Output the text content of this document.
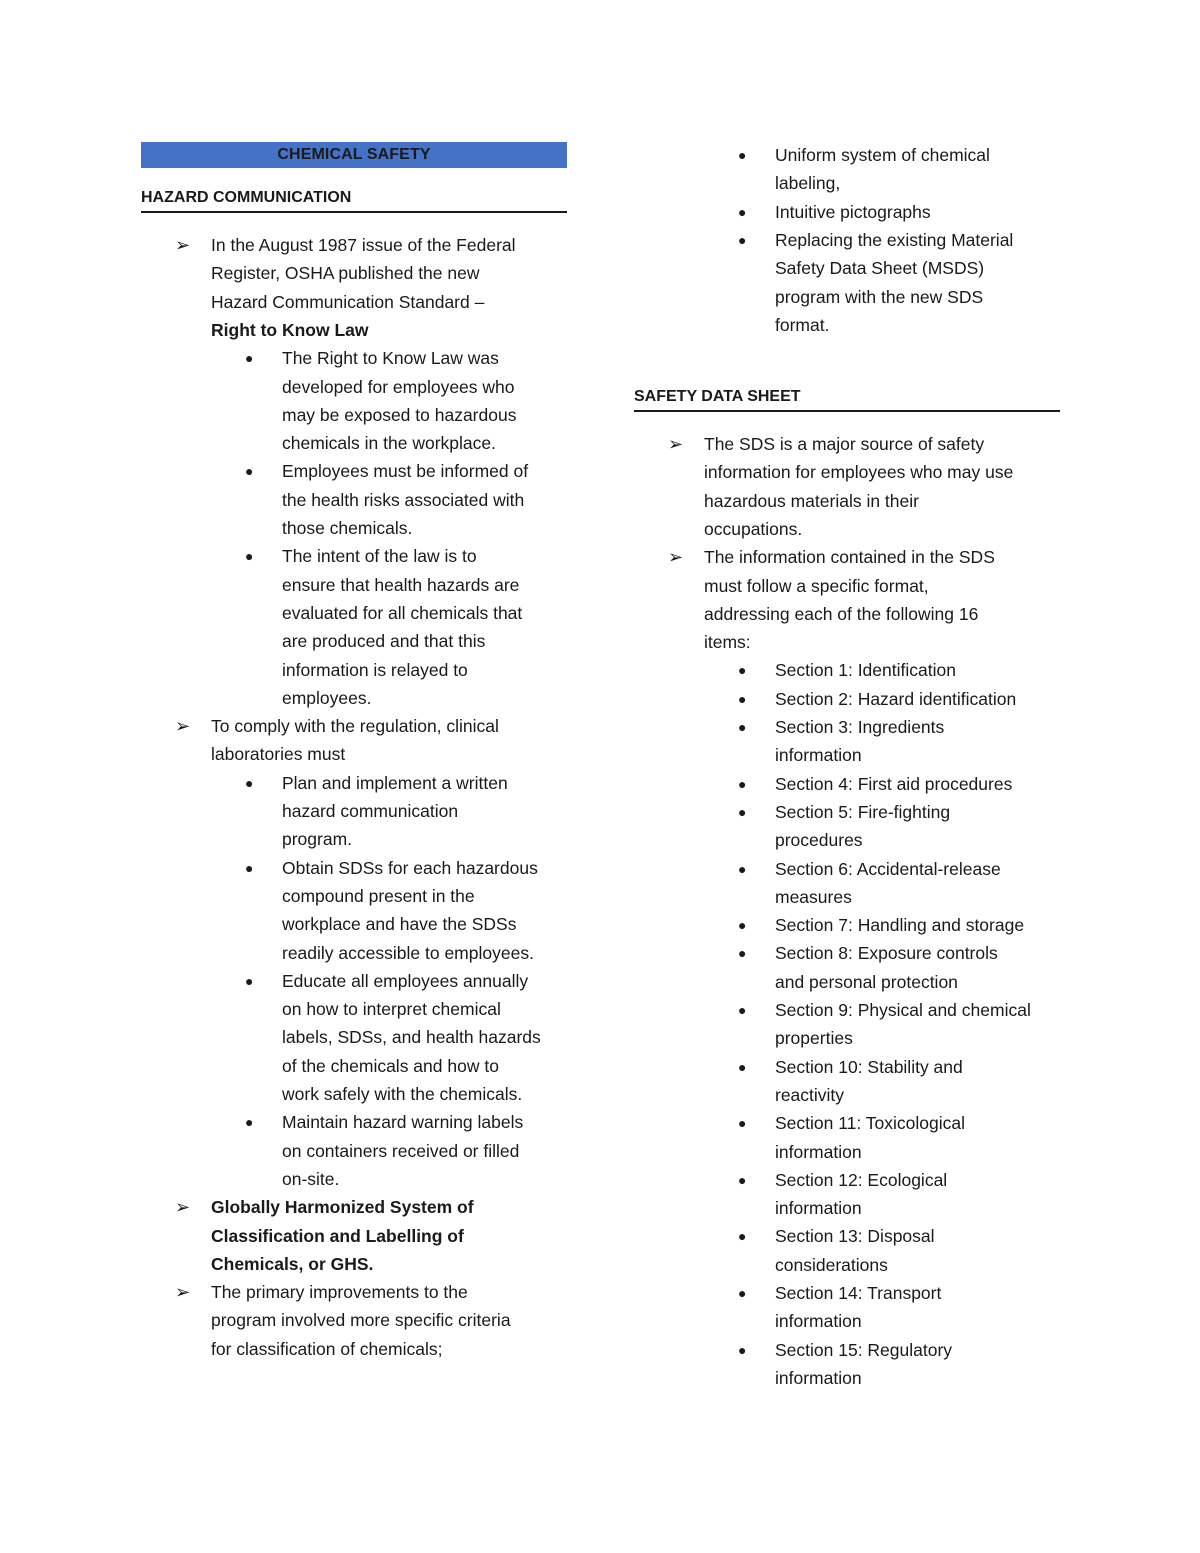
CHEMICAL SAFETY
HAZARD COMMUNICATION
➢ In the August 1987 issue of the Federal
Register, OSHA published the new
Hazard Communication Standard –
Right to Know Law
● The Right to Know Law was
developed for employees who
may be exposed to hazardous
chemicals in the workplace.
● Employees must be informed of
the health risks associated with
those chemicals.
● The intent of the law is to
ensure that health hazards are
evaluated for all chemicals that
are produced and that this
information is relayed to
employees.
➢ To comply with the regulation, clinical
laboratories must
● Plan and implement a written
hazard communication
program.
● Obtain SDSs for each hazardous
compound present in the
workplace and have the SDSs
readily accessible to employees.
● Educate all employees annually
on how to interpret chemical
labels, SDSs, and health hazards
of the chemicals and how to
work safely with the chemicals.
● Maintain hazard warning labels
on containers received or filled
on-site.
➢ Globally Harmonized System of
Classification and Labelling of
Chemicals, or GHS.
➢ The primary improvements to the
program involved more specific criteria
for classification of chemicals;
SAFETY DATA SHEET
● Uniform system of chemical
labeling,
● Intuitive pictographs
● Replacing the existing Material
Safety Data Sheet (MSDS)
program with the new SDS
format.
➢ The SDS is a major source of safety
information for employees who may use
hazardous materials in their
occupations.
➢ The information contained in the SDS
must follow a specific format,
addressing each of the following 16
items:
● Section 1: Identification
● Section 2: Hazard identification
● Section 3: Ingredients
information
● Section 4: First aid procedures
● Section 5: Fire-fighting
procedures
● Section 6: Accidental-release
measures
● Section 7: Handling and storage
● Section 8: Exposure controls
and personal protection
● Section 9: Physical and chemical
properties
● Section 10: Stability and
reactivity
● Section 11: Toxicological
information
● Section 12: Ecological
information
● Section 13: Disposal
considerations
● Section 14: Transport
information
● Section 15: Regulatory
information
